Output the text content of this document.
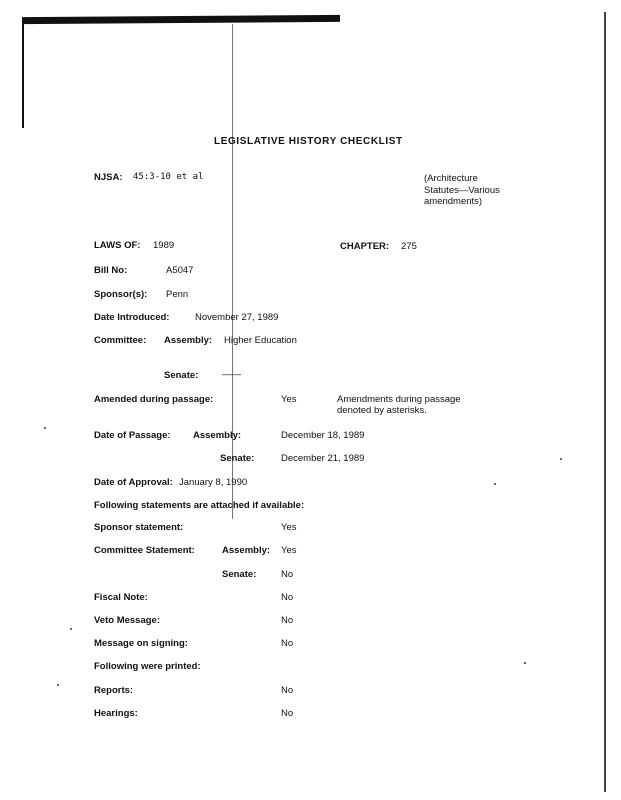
LEGISLATIVE HISTORY CHECKLIST
NJSA: 45:3-10 et al	(Architecture
Statutes—Various
amendments)
LAWS OF: 1989	CHAPTER: 275
Bill No:	A5047
Sponsor(s): Penn
Date Introduced:	November 27, 1989
Committee: Assembly: Higher Education
Senate: ——
Amended during passage:	Yes	Amendments during passage
denoted by asterisks.
Date of Passage: Assembly:	December 18, 1989
Senate:	December 21, 1989
Date of Approval: January 8, 1990
Following statements are attached if available:
Sponsor statement:	Yes
Committee Statement:	Assembly: Yes
Senate:	No
Fiscal Note:	No
Veto Message:	No
Message on signing:	No
Following were printed:
Reports:	No
Hearings:	No
